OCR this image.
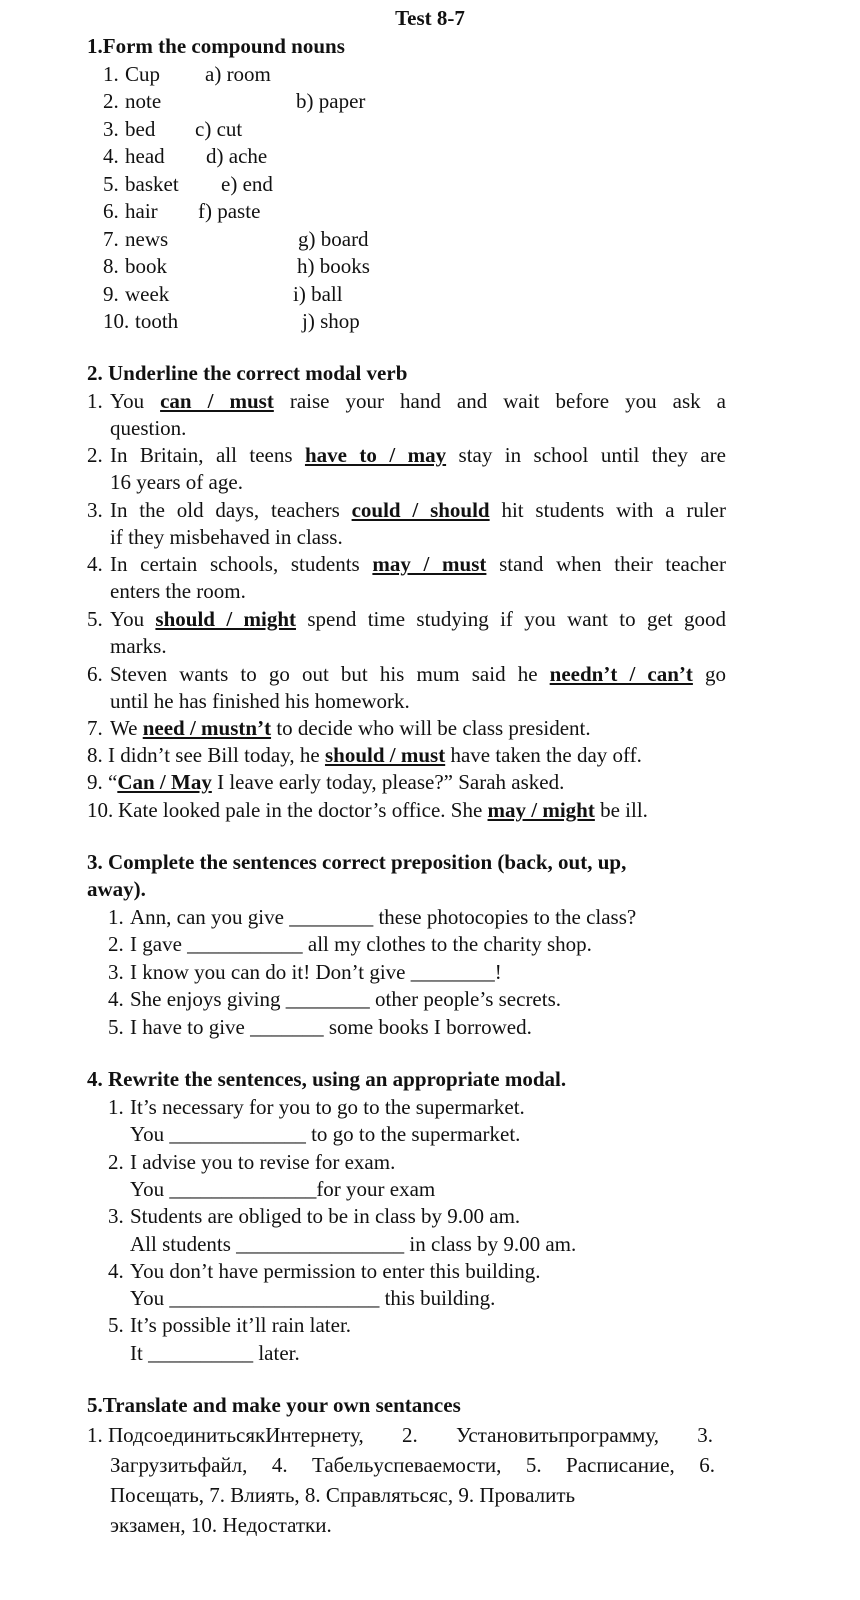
Test 8-7
1.Form the compound nouns
1. Cup a) room
2. note	b) paper
3. bed c) cut
4. head d) ache
5. basket e) end
6. hair f) paste
7. news	g) board
8. book	h) books
9. week	i) ball
10. tooth	j) shop
2. Underline the correct modal verb
1. You can / must raise your hand and wait before you ask a
question.
2. In Britain, all teens have to / may stay in school until they are
16 years of age.
3. In the old days, teachers could / should hit students with a ruler
if they misbehaved in class.
4. In certain schools, students may / must stand when their teacher
enters the room.
5. You should / might spend time studying if you want to get good
marks.
6. Steven wants to go out but his mum said he needn’t / can’t go
until he has finished his homework.
7. We need / mustn’t to decide who will be class president.
8. I didn’t see Bill today, he should / must have taken the day off.
9. “Can / May I leave early today, please?” Sarah asked.
10. Kate looked pale in the doctor’s office. She may / might be ill.
3. Complete the sentences correct preposition (back, out, up,
away).
1. Ann, can you give ________ these photocopies to the class?
2. I gave ___________ all my clothes to the charity shop.
3. I know you can do it! Don’t give ________!
4. She enjoys giving ________ other people’s secrets.
5. I have to give _______ some books I borrowed.
4. Rewrite the sentences, using an appropriate modal.
1. It’s necessary for you to go to the supermarket.
You _____________ to go to the supermarket.
2. I advise you to revise for exam.
You ______________for your exam
3. Students are obliged to be in class by 9.00 am.
All students ________________ in class by 9.00 am.
4. You don’t have permission to enter this building.
You ____________________ this building.
5. It’s possible it’ll rain later.
It __________ later.
5.Translate and make your own sentances
1. ПодсоединитьсякИнтернету, 2. Установитьпрограмму, 3.
Загрузитьфайл, 4. Табельуспеваемости, 5. Расписание, 6.
Посещать, 7. Влиять, 8. Справлятьсяс, 9. Провалить
экзамен, 10. Недостатки.
